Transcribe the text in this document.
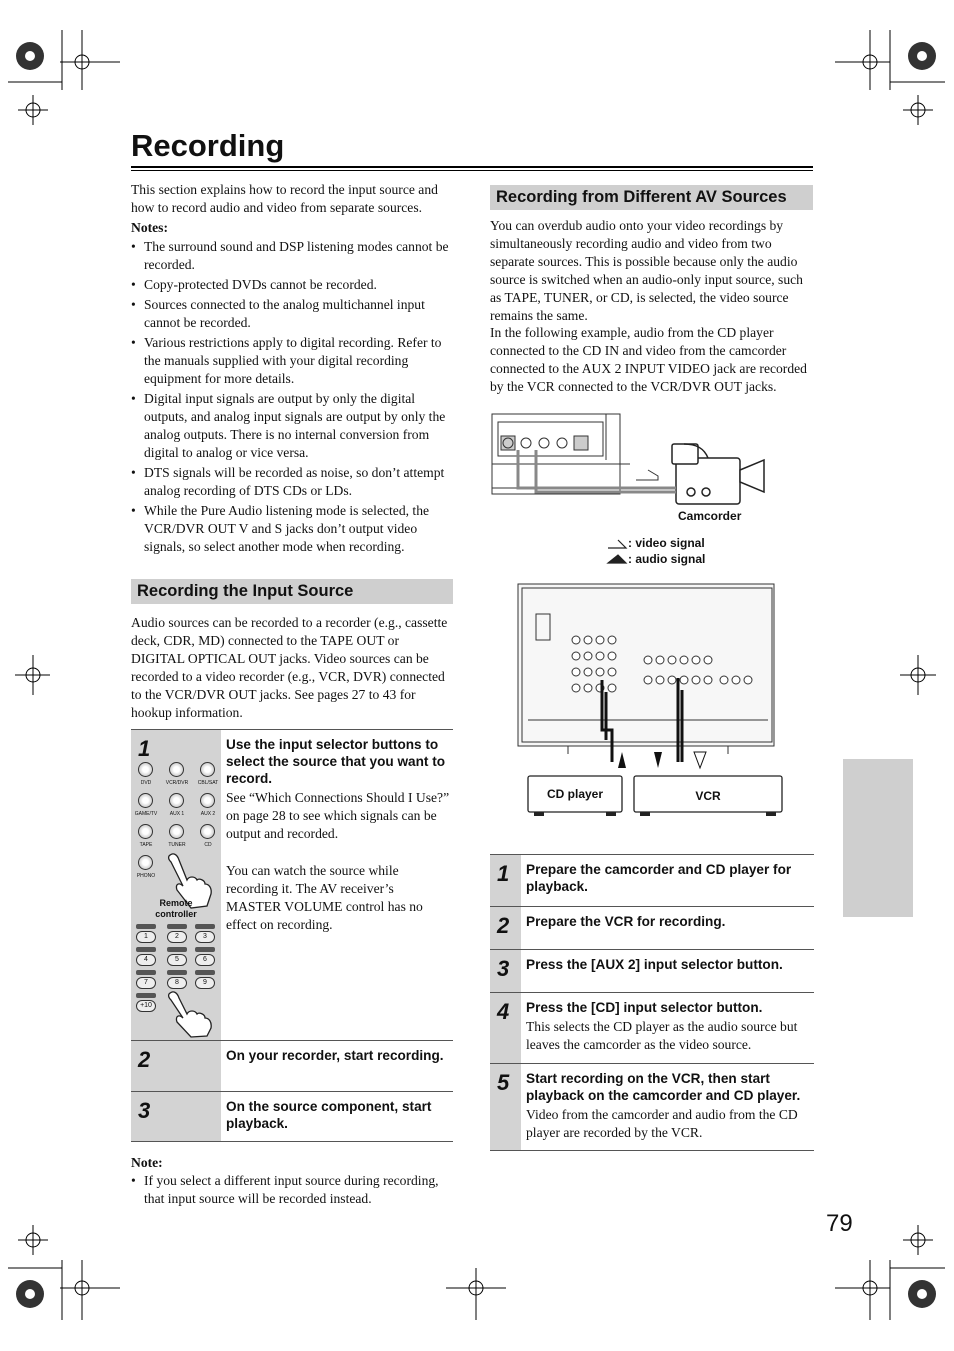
Recording
This section explains how to record the input source and how to record audio and video from separate sources.
Notes:
• The surround sound and DSP listening modes cannot be recorded.
• Copy-protected DVDs cannot be recorded.
• Sources connected to the analog multichannel input cannot be recorded.
• Various restrictions apply to digital recording. Refer to the manuals supplied with your digital recording equipment for more details.
• Digital input signals are output by only the digital outputs, and analog input signals are output by only the analog outputs. There is no internal conversion from digital to analog or vice versa.
• DTS signals will be recorded as noise, so don’t attempt analog recording of DTS CDs or LDs.
• While the Pure Audio listening mode is selected, the VCR/DVR OUT V and S jacks don’t output video signals, so select another mode when recording.
Recording the Input Source
Audio sources can be recorded to a recorder (e.g., cassette deck, CDR, MD) connected to the TAPE OUT or DIGITAL OPTICAL OUT jacks. Video sources can be recorded to a video recorder (e.g., VCR, DVR) connected to the VCR/DVR OUT jacks. See pages 27 to 43 for hookup information.
1
DVD	VCR/DVR	CBL/SAT
GAME/TV	AUX 1	AUX 2
TAPE	TUNER	CD
PHONO
Remote controller
1	2	3
4	5	6
7	8	9
+10
Use the input selector buttons to select the source that you want to record.
See “Which Connections Should I Use?” on page 28 to see which signals can be output and recorded.
You can watch the source while recording it. The AV receiver’s MASTER VOLUME control has no effect on recording.
2	On your recorder, start recording.
3	On the source component, start playback.
Note:
• If you select a different input source during recording, that input source will be recorded instead.
Recording from Different AV Sources
You can overdub audio onto your video recordings by simultaneously recording audio and video from two separate sources. This is possible because only the audio source is switched when an audio-only input source, such as TAPE, TUNER, or CD, is selected, the video source remains the same.
In the following example, audio from the CD player connected to the CD IN and video from the camcorder connected to the AUX 2 INPUT VIDEO jack are recorded by the VCR connected to the VCR/DVR OUT jacks.
Camcorder
: video signal
: audio signal
CD player	VCR
1 Prepare the camcorder and CD player for playback.
2 Prepare the VCR for recording.
3 Press the [AUX 2] input selector button.
4 Press the [CD] input selector button.
This selects the CD player as the audio source but leaves the camcorder as the video source.
5 Start recording on the VCR, then start playback on the camcorder and CD player.
Video from the camcorder and audio from the CD player are recorded by the VCR.
79
